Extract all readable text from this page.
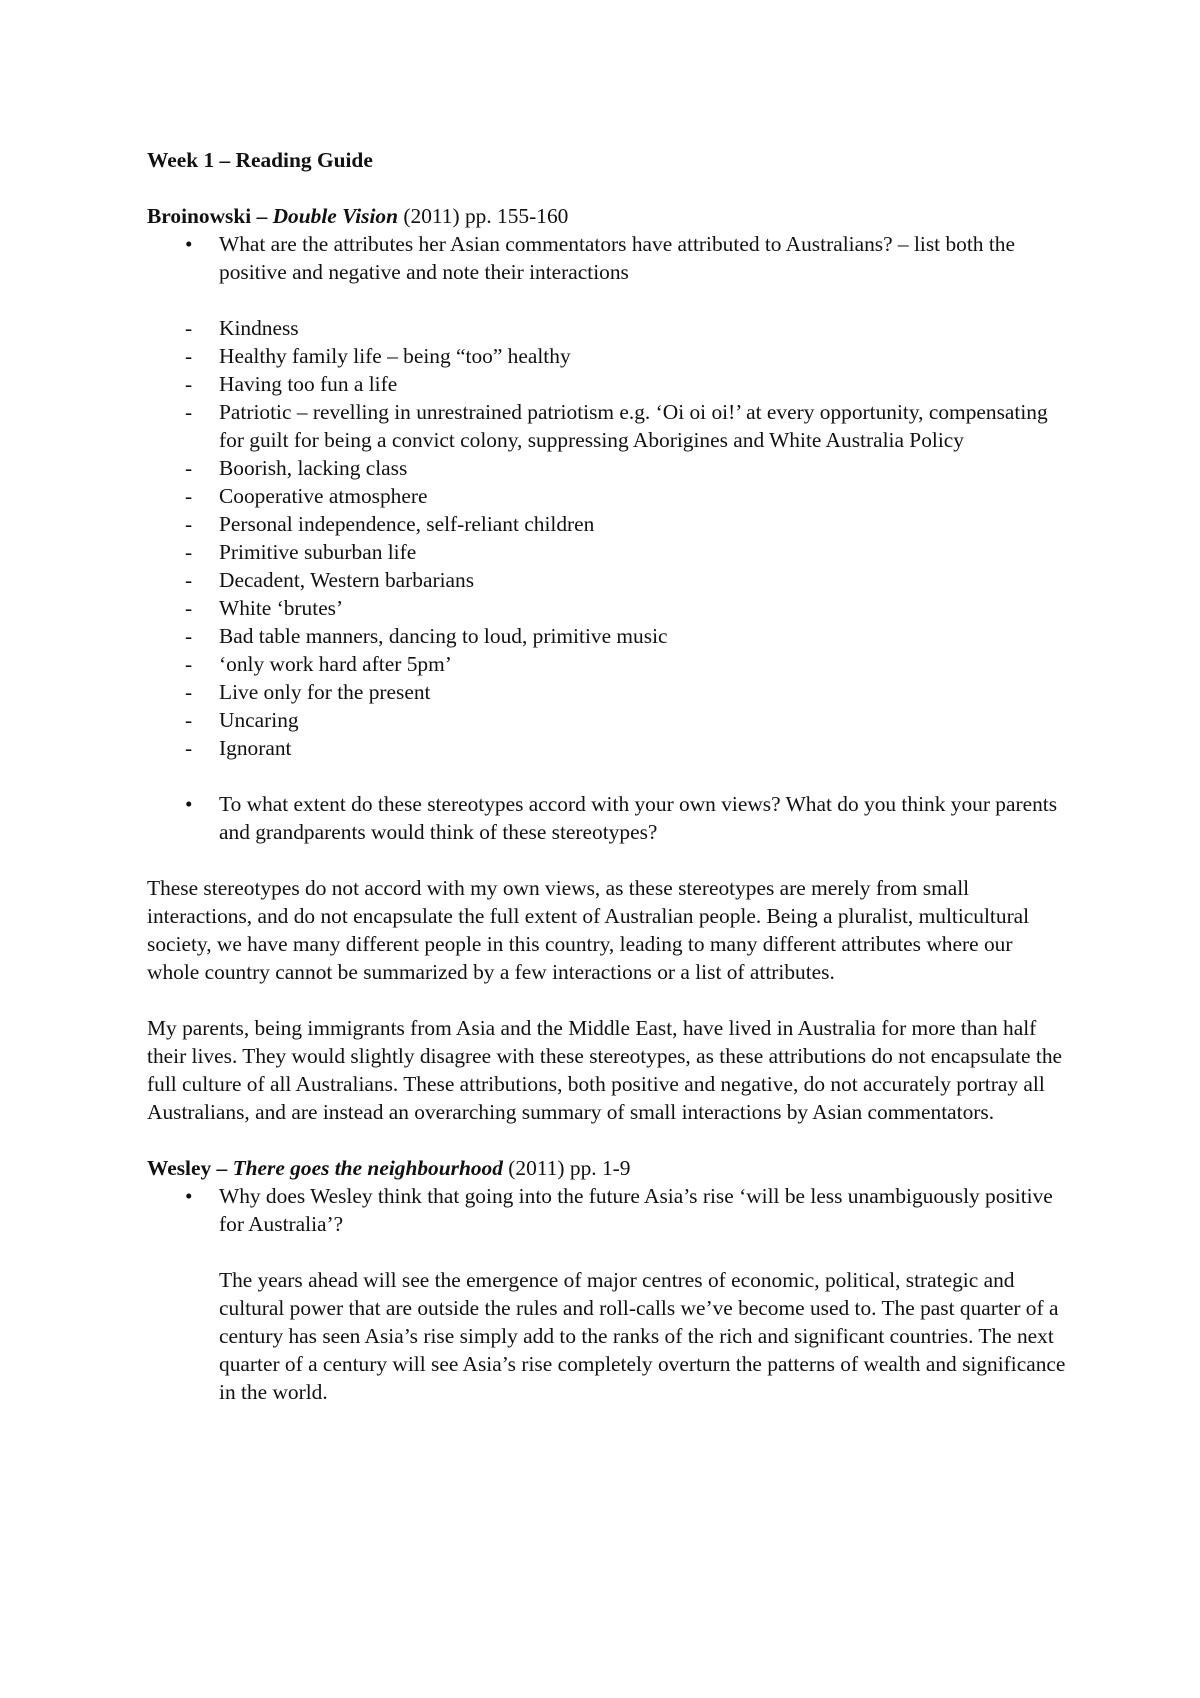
Week 1 – Reading Guide
Broinowski – Double Vision (2011) pp. 155-160
• What are the attributes her Asian commentators have attributed to Australians? – list both the positive and negative and note their interactions
- Kindness
- Healthy family life – being “too” healthy
- Having too fun a life
- Patriotic – revelling in unrestrained patriotism e.g. ‘Oi oi oi!’ at every opportunity, compensating for guilt for being a convict colony, suppressing Aborigines and White Australia Policy
- Boorish, lacking class
- Cooperative atmosphere
- Personal independence, self-reliant children
- Primitive suburban life
- Decadent, Western barbarians
- White ‘brutes’
- Bad table manners, dancing to loud, primitive music
- ‘only work hard after 5pm’
- Live only for the present
- Uncaring
- Ignorant
• To what extent do these stereotypes accord with your own views? What do you think your parents and grandparents would think of these stereotypes?

These stereotypes do not accord with my own views, as these stereotypes are merely from small interactions, and do not encapsulate the full extent of Australian people. Being a pluralist, multicultural society, we have many different people in this country, leading to many different attributes where our whole country cannot be summarized by a few interactions or a list of attributes.

My parents, being immigrants from Asia and the Middle East, have lived in Australia for more than half their lives. They would slightly disagree with these stereotypes, as these attributions do not encapsulate the full culture of all Australians. These attributions, both positive and negative, do not accurately portray all Australians, and are instead an overarching summary of small interactions by Asian commentators.

Wesley – There goes the neighbourhood (2011) pp. 1-9
• Why does Wesley think that going into the future Asia’s rise ‘will be less unambiguously positive for Australia’?

The years ahead will see the emergence of major centres of economic, political, strategic and cultural power that are outside the rules and roll-calls we’ve become used to. The past quarter of a century has seen Asia’s rise simply add to the ranks of the rich and significant countries. The next quarter of a century will see Asia’s rise completely overturn the patterns of wealth and significance in the world.
